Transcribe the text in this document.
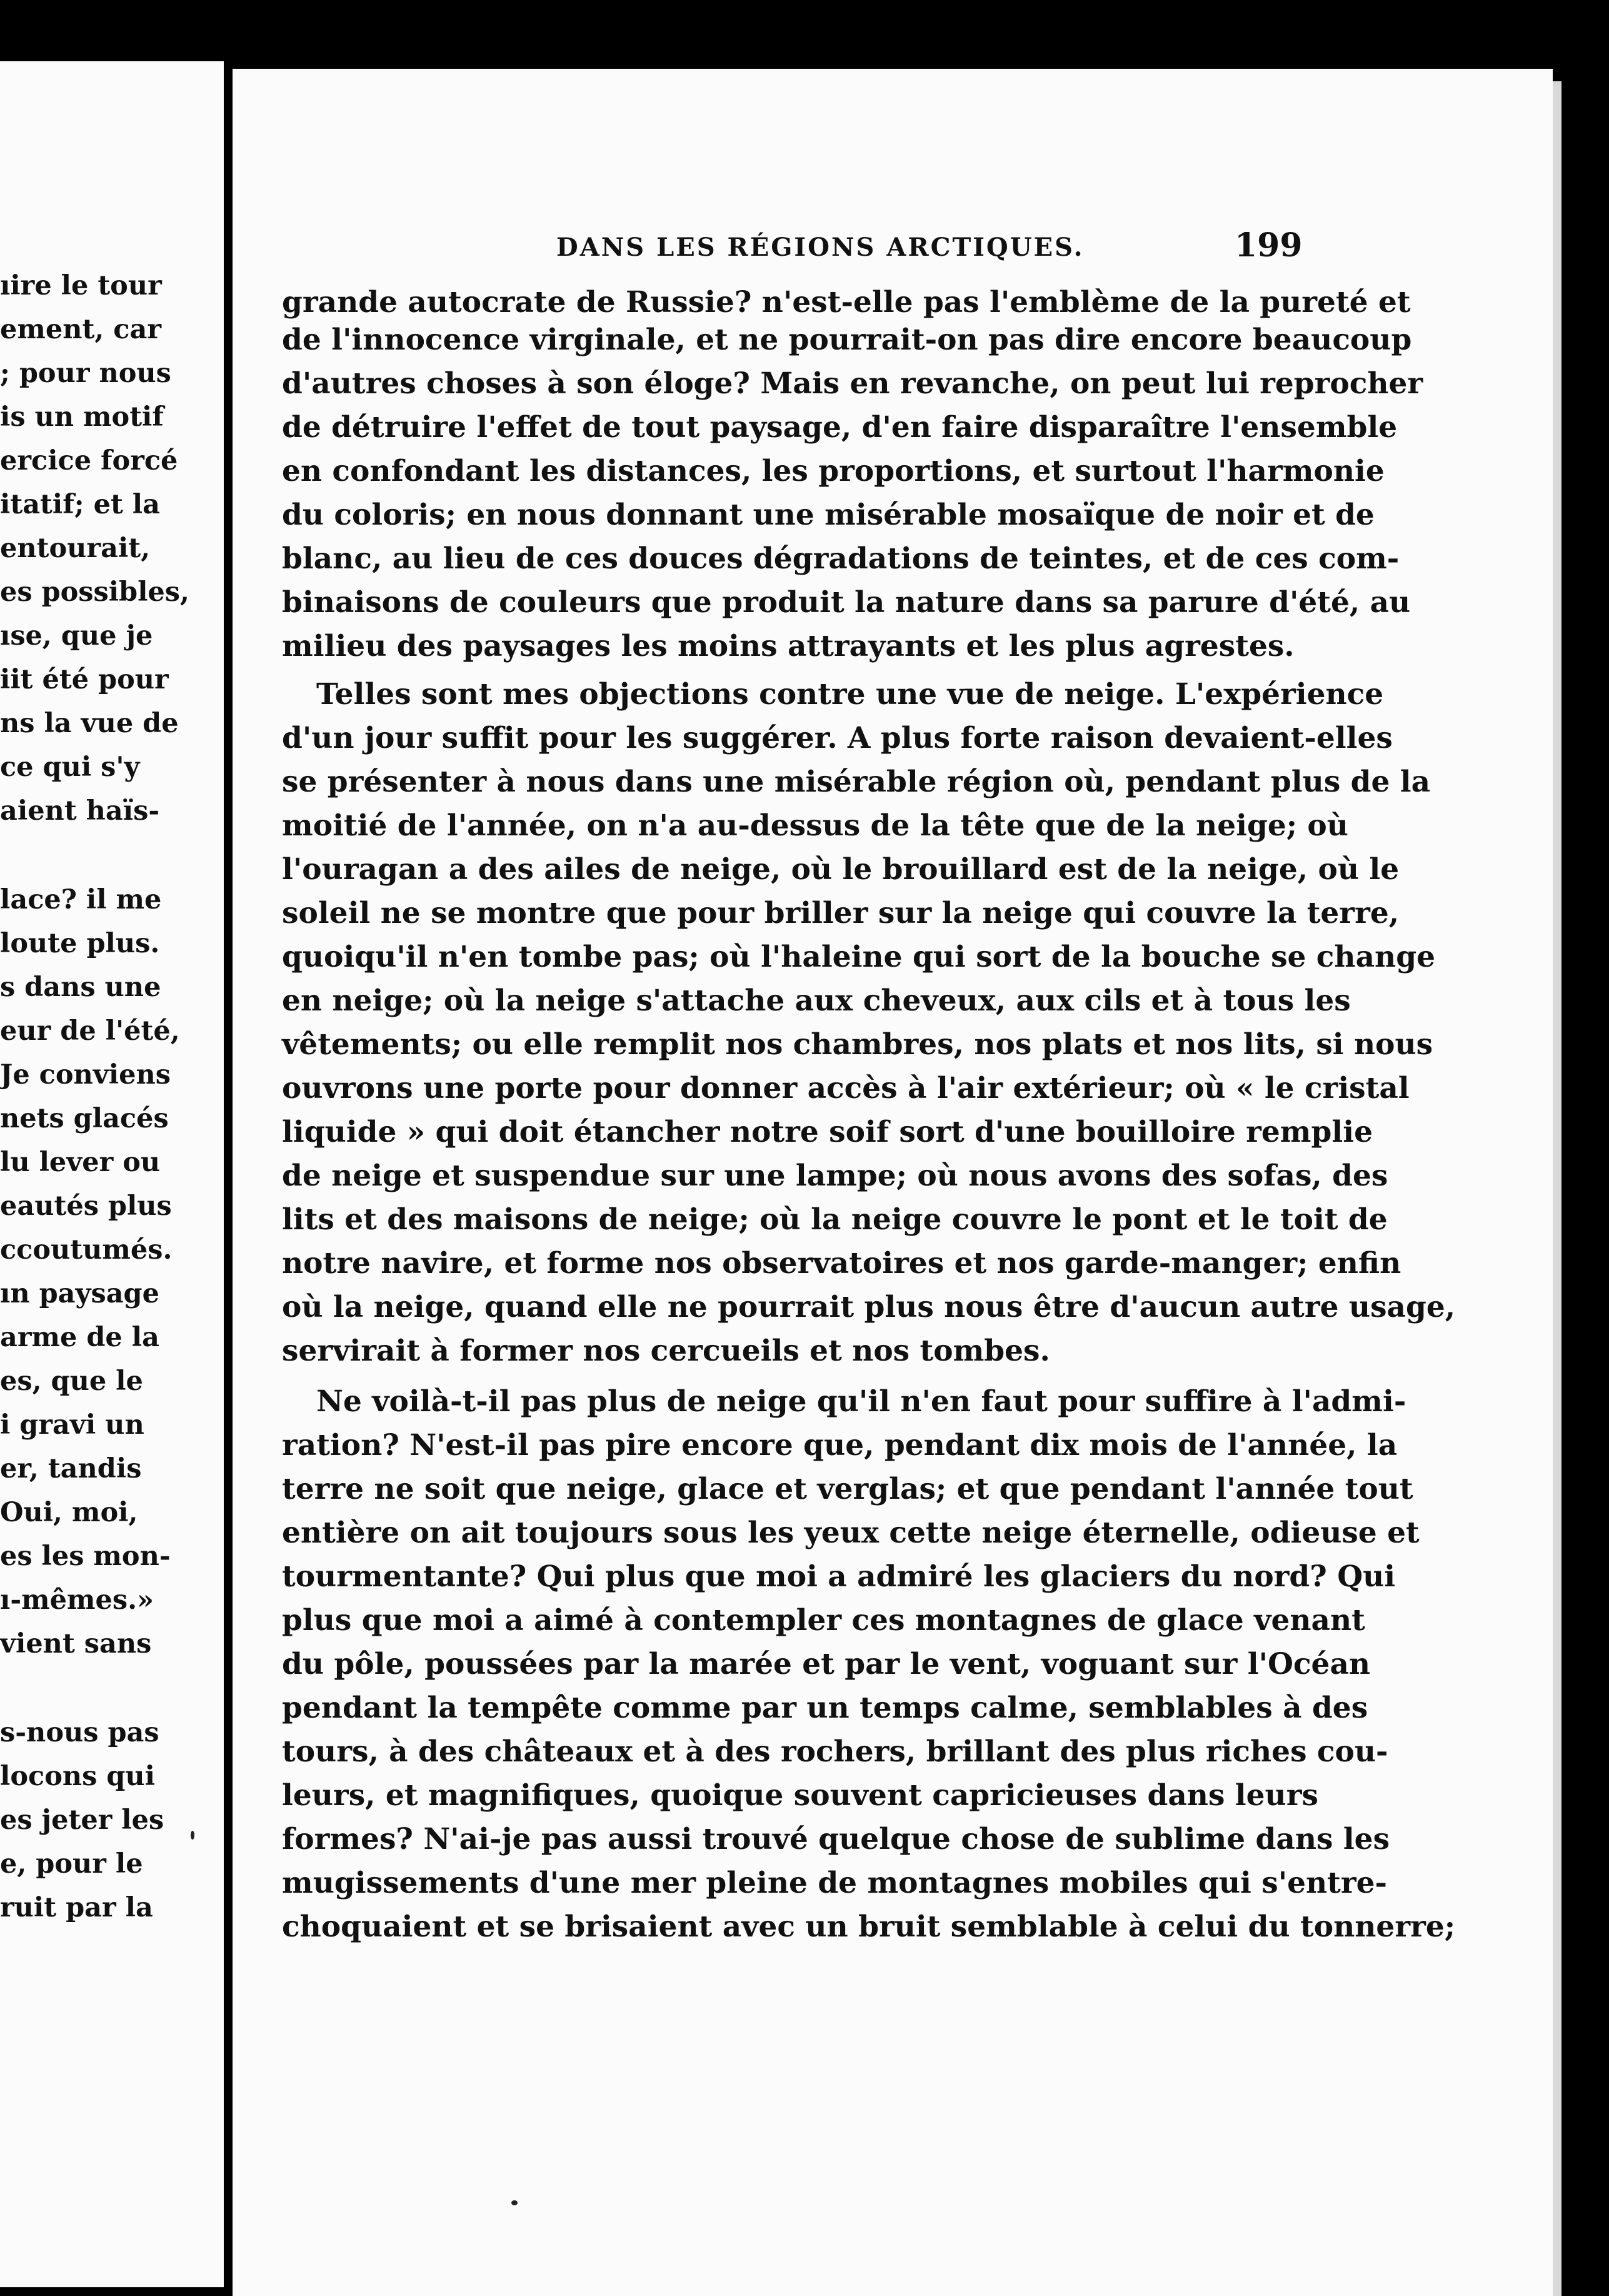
ıire le tour
ement, car
; pour nous
is un motif
ercice forcé
itatif; et la
entourait,
es possibles,
ıse, que je
iit été pour
ns la vue de
ce qui s'y
aient haïs-
lace? il me
loute plus.
s dans une
eur de l'été,
Je conviens
nets glacés
lu lever ou
eautés plus
ccoutumés.
ın paysage
arme de la
es, que le
i gravi un
er, tandis
Oui, moi,
es les mon-
ı-mêmes.»
vient sans
s-nous pas
locons qui
es jeter les
e, pour le
ruit par la
DANS LES RÉGIONS ARCTIQUES.	199
grande autocrate de Russie? n'est-elle pas l'emblème de la pureté et
de l'innocence virginale, et ne pourrait-on pas dire encore beaucoup
d'autres choses à son éloge? Mais en revanche, on peut lui reprocher
de détruire l'effet de tout paysage, d'en faire disparaître l'ensemble
en confondant les distances, les proportions, et surtout l'harmonie
du coloris; en nous donnant une misérable mosaïque de noir et de
blanc, au lieu de ces douces dégradations de teintes, et de ces com-
binaisons de couleurs que produit la nature dans sa parure d'été, au
milieu des paysages les moins attrayants et les plus agrestes.
Telles sont mes objections contre une vue de neige. L'expérience
d'un jour suffit pour les suggérer. A plus forte raison devaient-elles
se présenter à nous dans une misérable région où, pendant plus de la
moitié de l'année, on n'a au-dessus de la tête que de la neige; où
l'ouragan a des ailes de neige, où le brouillard est de la neige, où le
soleil ne se montre que pour briller sur la neige qui couvre la terre,
quoiqu'il n'en tombe pas; où l'haleine qui sort de la bouche se change
en neige; où la neige s'attache aux cheveux, aux cils et à tous les
vêtements; ou elle remplit nos chambres, nos plats et nos lits, si nous
ouvrons une porte pour donner accès à l'air extérieur; où « le cristal
liquide » qui doit étancher notre soif sort d'une bouilloire remplie
de neige et suspendue sur une lampe; où nous avons des sofas, des
lits et des maisons de neige; où la neige couvre le pont et le toit de
notre navire, et forme nos observatoires et nos garde-manger; enfin
où la neige, quand elle ne pourrait plus nous être d'aucun autre usage,
servirait à former nos cercueils et nos tombes.
Ne voilà-t-il pas plus de neige qu'il n'en faut pour suffire à l'admi-
ration? N'est-il pas pire encore que, pendant dix mois de l'année, la
terre ne soit que neige, glace et verglas; et que pendant l'année tout
entière on ait toujours sous les yeux cette neige éternelle, odieuse et
tourmentante? Qui plus que moi a admiré les glaciers du nord? Qui
plus que moi a aimé à contempler ces montagnes de glace venant
du pôle, poussées par la marée et par le vent, voguant sur l'Océan
pendant la tempête comme par un temps calme, semblables à des
tours, à des châteaux et à des rochers, brillant des plus riches cou-
leurs, et magnifiques, quoique souvent capricieuses dans leurs
formes? N'ai-je pas aussi trouvé quelque chose de sublime dans les
mugissements d'une mer pleine de montagnes mobiles qui s'entre-
choquaient et se brisaient avec un bruit semblable à celui du tonnerre;
